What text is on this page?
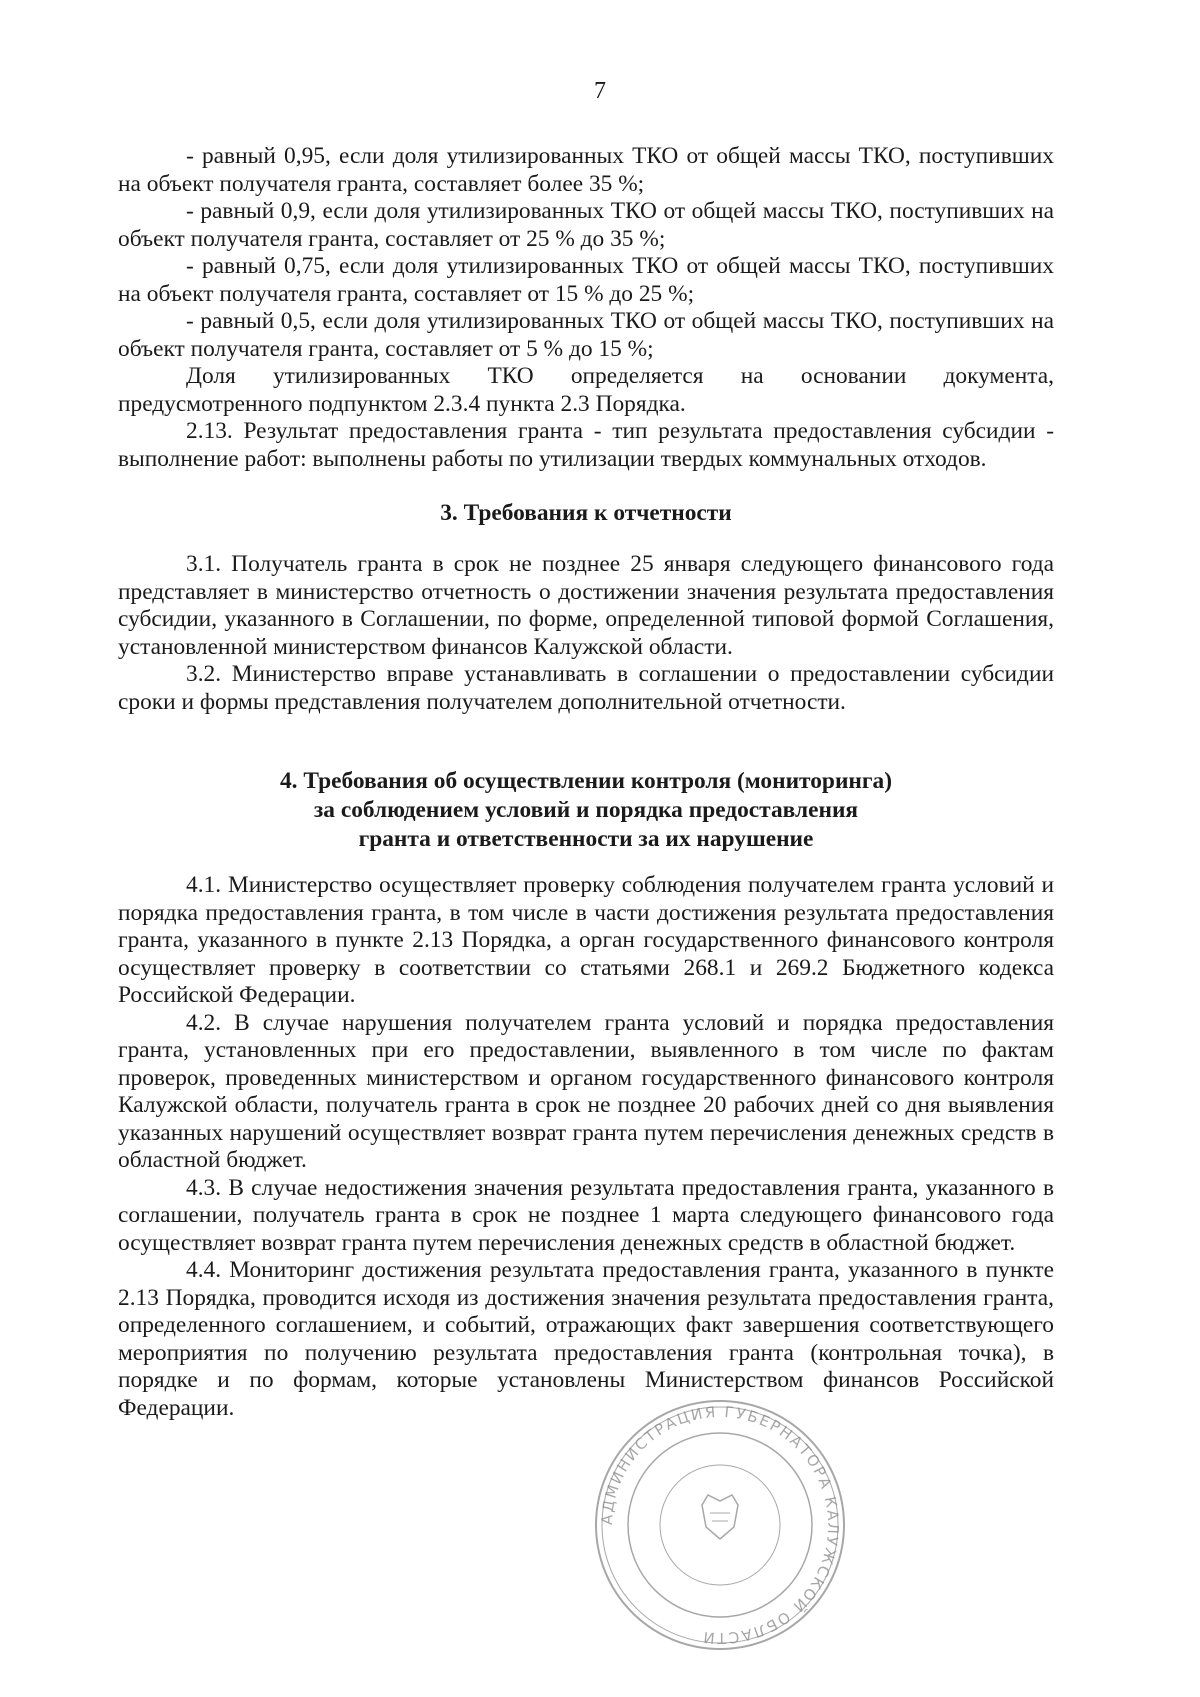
7

- равный 0,95, если доля утилизированных ТКО от общей массы ТКО, поступивших на объект получателя гранта, составляет более 35 %;

- равный 0,9, если доля утилизированных ТКО от общей массы ТКО, поступивших на объект получателя гранта, составляет от 25 % до 35 %;

- равный 0,75, если доля утилизированных ТКО от общей массы ТКО, поступивших на объект получателя гранта, составляет от 15 % до 25 %;

- равный 0,5, если доля утилизированных ТКО от общей массы ТКО, поступивших на объект получателя гранта, составляет от 5 % до 15 %;

Доля утилизированных ТКО определяется на основании документа, предусмотренного подпунктом 2.3.4 пункта 2.3 Порядка.

2.13. Результат предоставления гранта - тип результата предоставления субсидии - выполнение работ: выполнены работы по утилизации твердых коммунальных отходов.

3. Требования к отчетности

3.1. Получатель гранта в срок не позднее 25 января следующего финансового года представляет в министерство отчетность о достижении значения результата предоставления субсидии, указанного в Соглашении, по форме, определенной типовой формой Соглашения, установленной министерством финансов Калужской области.

3.2. Министерство вправе устанавливать в соглашении о предоставлении субсидии сроки и формы представления получателем дополнительной отчетности.

4. Требования об осуществлении контроля (мониторинга)
за соблюдением условий и порядка предоставления
гранта и ответственности за их нарушение

4.1. Министерство осуществляет проверку соблюдения получателем гранта условий и порядка предоставления гранта, в том числе в части достижения результата предоставления гранта, указанного в пункте 2.13 Порядка, а орган государственного финансового контроля осуществляет проверку в соответствии со статьями 268.1 и 269.2 Бюджетного кодекса Российской Федерации.

4.2. В случае нарушения получателем гранта условий и порядка предоставления гранта, установленных при его предоставлении, выявленного в том числе по фактам проверок, проведенных министерством и органом государственного финансового контроля Калужской области, получатель гранта в срок не позднее 20 рабочих дней со дня выявления указанных нарушений осуществляет возврат гранта путем перечисления денежных средств в областной бюджет.

4.3. В случае недостижения значения результата предоставления гранта, указанного в соглашении, получатель гранта в срок не позднее 1 марта следующего финансового года осуществляет возврат гранта путем перечисления денежных средств в областной бюджет.

4.4. Мониторинг достижения результата предоставления гранта, указанного в пункте 2.13 Порядка, проводится исходя из достижения значения результата предоставления гранта, определенного соглашением, и событий, отражающих факт завершения соответствующего мероприятия по получению результата предоставления гранта (контрольная точка), в порядке и по формам, которые установлены Министерством финансов Российской Федерации.

АДМИНИСТРАЦИЯ ГУБЕРНАТОРА КАЛУЖСКОЙ ОБЛАСТИ
